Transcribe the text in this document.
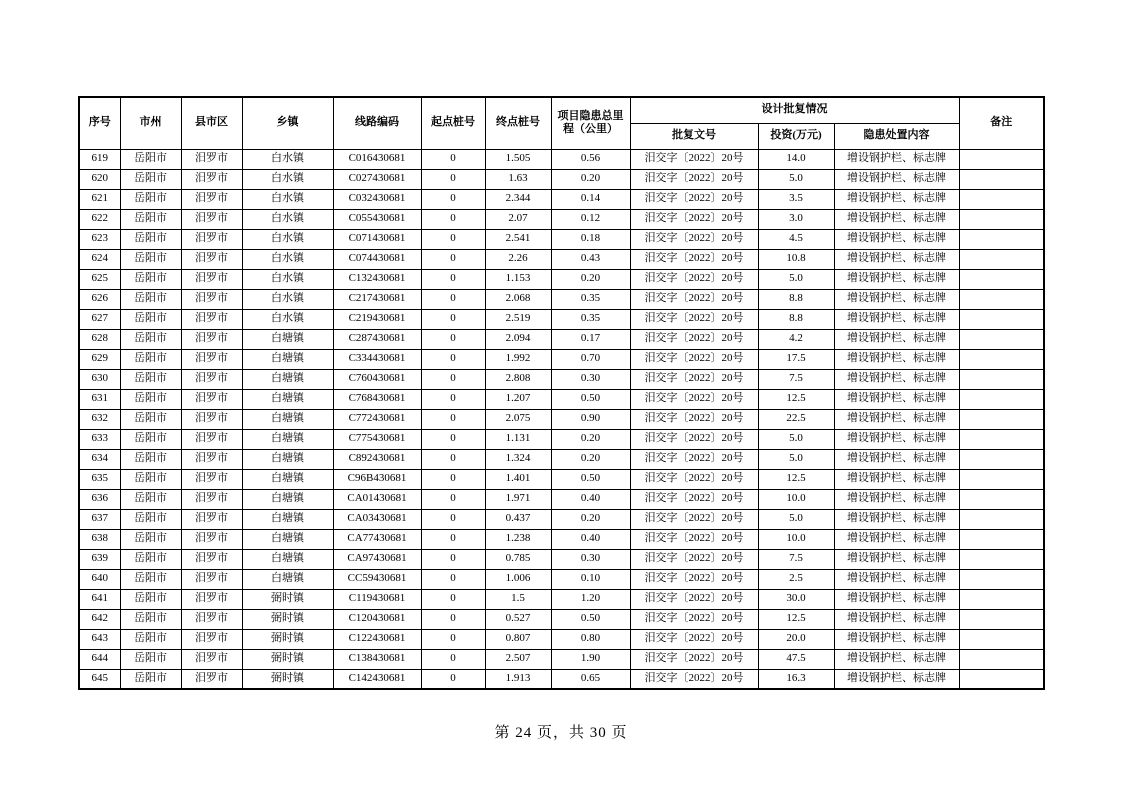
序号	市州	县市区	乡镇	线路编码	起点桩号	终点桩号	项目隐患总里程（公里）	设计批复情况			备注
								批复文号	投资(万元)	隐患处置内容	
619	岳阳市	汨罗市	白水镇	C016430681	0	1.505	0.56	汨交字〔2022〕20号	14.0	增设钢护栏、标志牌	
620	岳阳市	汨罗市	白水镇	C027430681	0	1.63	0.20	汨交字〔2022〕20号	5.0	增设钢护栏、标志牌	
621	岳阳市	汨罗市	白水镇	C032430681	0	2.344	0.14	汨交字〔2022〕20号	3.5	增设钢护栏、标志牌	
622	岳阳市	汨罗市	白水镇	C055430681	0	2.07	0.12	汨交字〔2022〕20号	3.0	增设钢护栏、标志牌	
623	岳阳市	汨罗市	白水镇	C071430681	0	2.541	0.18	汨交字〔2022〕20号	4.5	增设钢护栏、标志牌	
624	岳阳市	汨罗市	白水镇	C074430681	0	2.26	0.43	汨交字〔2022〕20号	10.8	增设钢护栏、标志牌	
625	岳阳市	汨罗市	白水镇	C132430681	0	1.153	0.20	汨交字〔2022〕20号	5.0	增设钢护栏、标志牌	
626	岳阳市	汨罗市	白水镇	C217430681	0	2.068	0.35	汨交字〔2022〕20号	8.8	增设钢护栏、标志牌	
627	岳阳市	汨罗市	白水镇	C219430681	0	2.519	0.35	汨交字〔2022〕20号	8.8	增设钢护栏、标志牌	
628	岳阳市	汨罗市	白塘镇	C287430681	0	2.094	0.17	汨交字〔2022〕20号	4.2	增设钢护栏、标志牌	
629	岳阳市	汨罗市	白塘镇	C334430681	0	1.992	0.70	汨交字〔2022〕20号	17.5	增设钢护栏、标志牌	
630	岳阳市	汨罗市	白塘镇	C760430681	0	2.808	0.30	汨交字〔2022〕20号	7.5	增设钢护栏、标志牌	
631	岳阳市	汨罗市	白塘镇	C768430681	0	1.207	0.50	汨交字〔2022〕20号	12.5	增设钢护栏、标志牌	
632	岳阳市	汨罗市	白塘镇	C772430681	0	2.075	0.90	汨交字〔2022〕20号	22.5	增设钢护栏、标志牌	
633	岳阳市	汨罗市	白塘镇	C775430681	0	1.131	0.20	汨交字〔2022〕20号	5.0	增设钢护栏、标志牌	
634	岳阳市	汨罗市	白塘镇	C892430681	0	1.324	0.20	汨交字〔2022〕20号	5.0	增设钢护栏、标志牌	
635	岳阳市	汨罗市	白塘镇	C96B430681	0	1.401	0.50	汨交字〔2022〕20号	12.5	增设钢护栏、标志牌	
636	岳阳市	汨罗市	白塘镇	CA01430681	0	1.971	0.40	汨交字〔2022〕20号	10.0	增设钢护栏、标志牌	
637	岳阳市	汨罗市	白塘镇	CA03430681	0	0.437	0.20	汨交字〔2022〕20号	5.0	增设钢护栏、标志牌	
638	岳阳市	汨罗市	白塘镇	CA77430681	0	1.238	0.40	汨交字〔2022〕20号	10.0	增设钢护栏、标志牌	
639	岳阳市	汨罗市	白塘镇	CA97430681	0	0.785	0.30	汨交字〔2022〕20号	7.5	增设钢护栏、标志牌	
640	岳阳市	汨罗市	白塘镇	CC59430681	0	1.006	0.10	汨交字〔2022〕20号	2.5	增设钢护栏、标志牌	
641	岳阳市	汨罗市	弼时镇	C119430681	0	1.5	1.20	汨交字〔2022〕20号	30.0	增设钢护栏、标志牌	
642	岳阳市	汨罗市	弼时镇	C120430681	0	0.527	0.50	汨交字〔2022〕20号	12.5	增设钢护栏、标志牌	
643	岳阳市	汨罗市	弼时镇	C122430681	0	0.807	0.80	汨交字〔2022〕20号	20.0	增设钢护栏、标志牌	
644	岳阳市	汨罗市	弼时镇	C138430681	0	2.507	1.90	汨交字〔2022〕20号	47.5	增设钢护栏、标志牌	
645	岳阳市	汨罗市	弼时镇	C142430681	0	1.913	0.65	汨交字〔2022〕20号	16.3	增设钢护栏、标志牌	
第 24 页，共 30 页
